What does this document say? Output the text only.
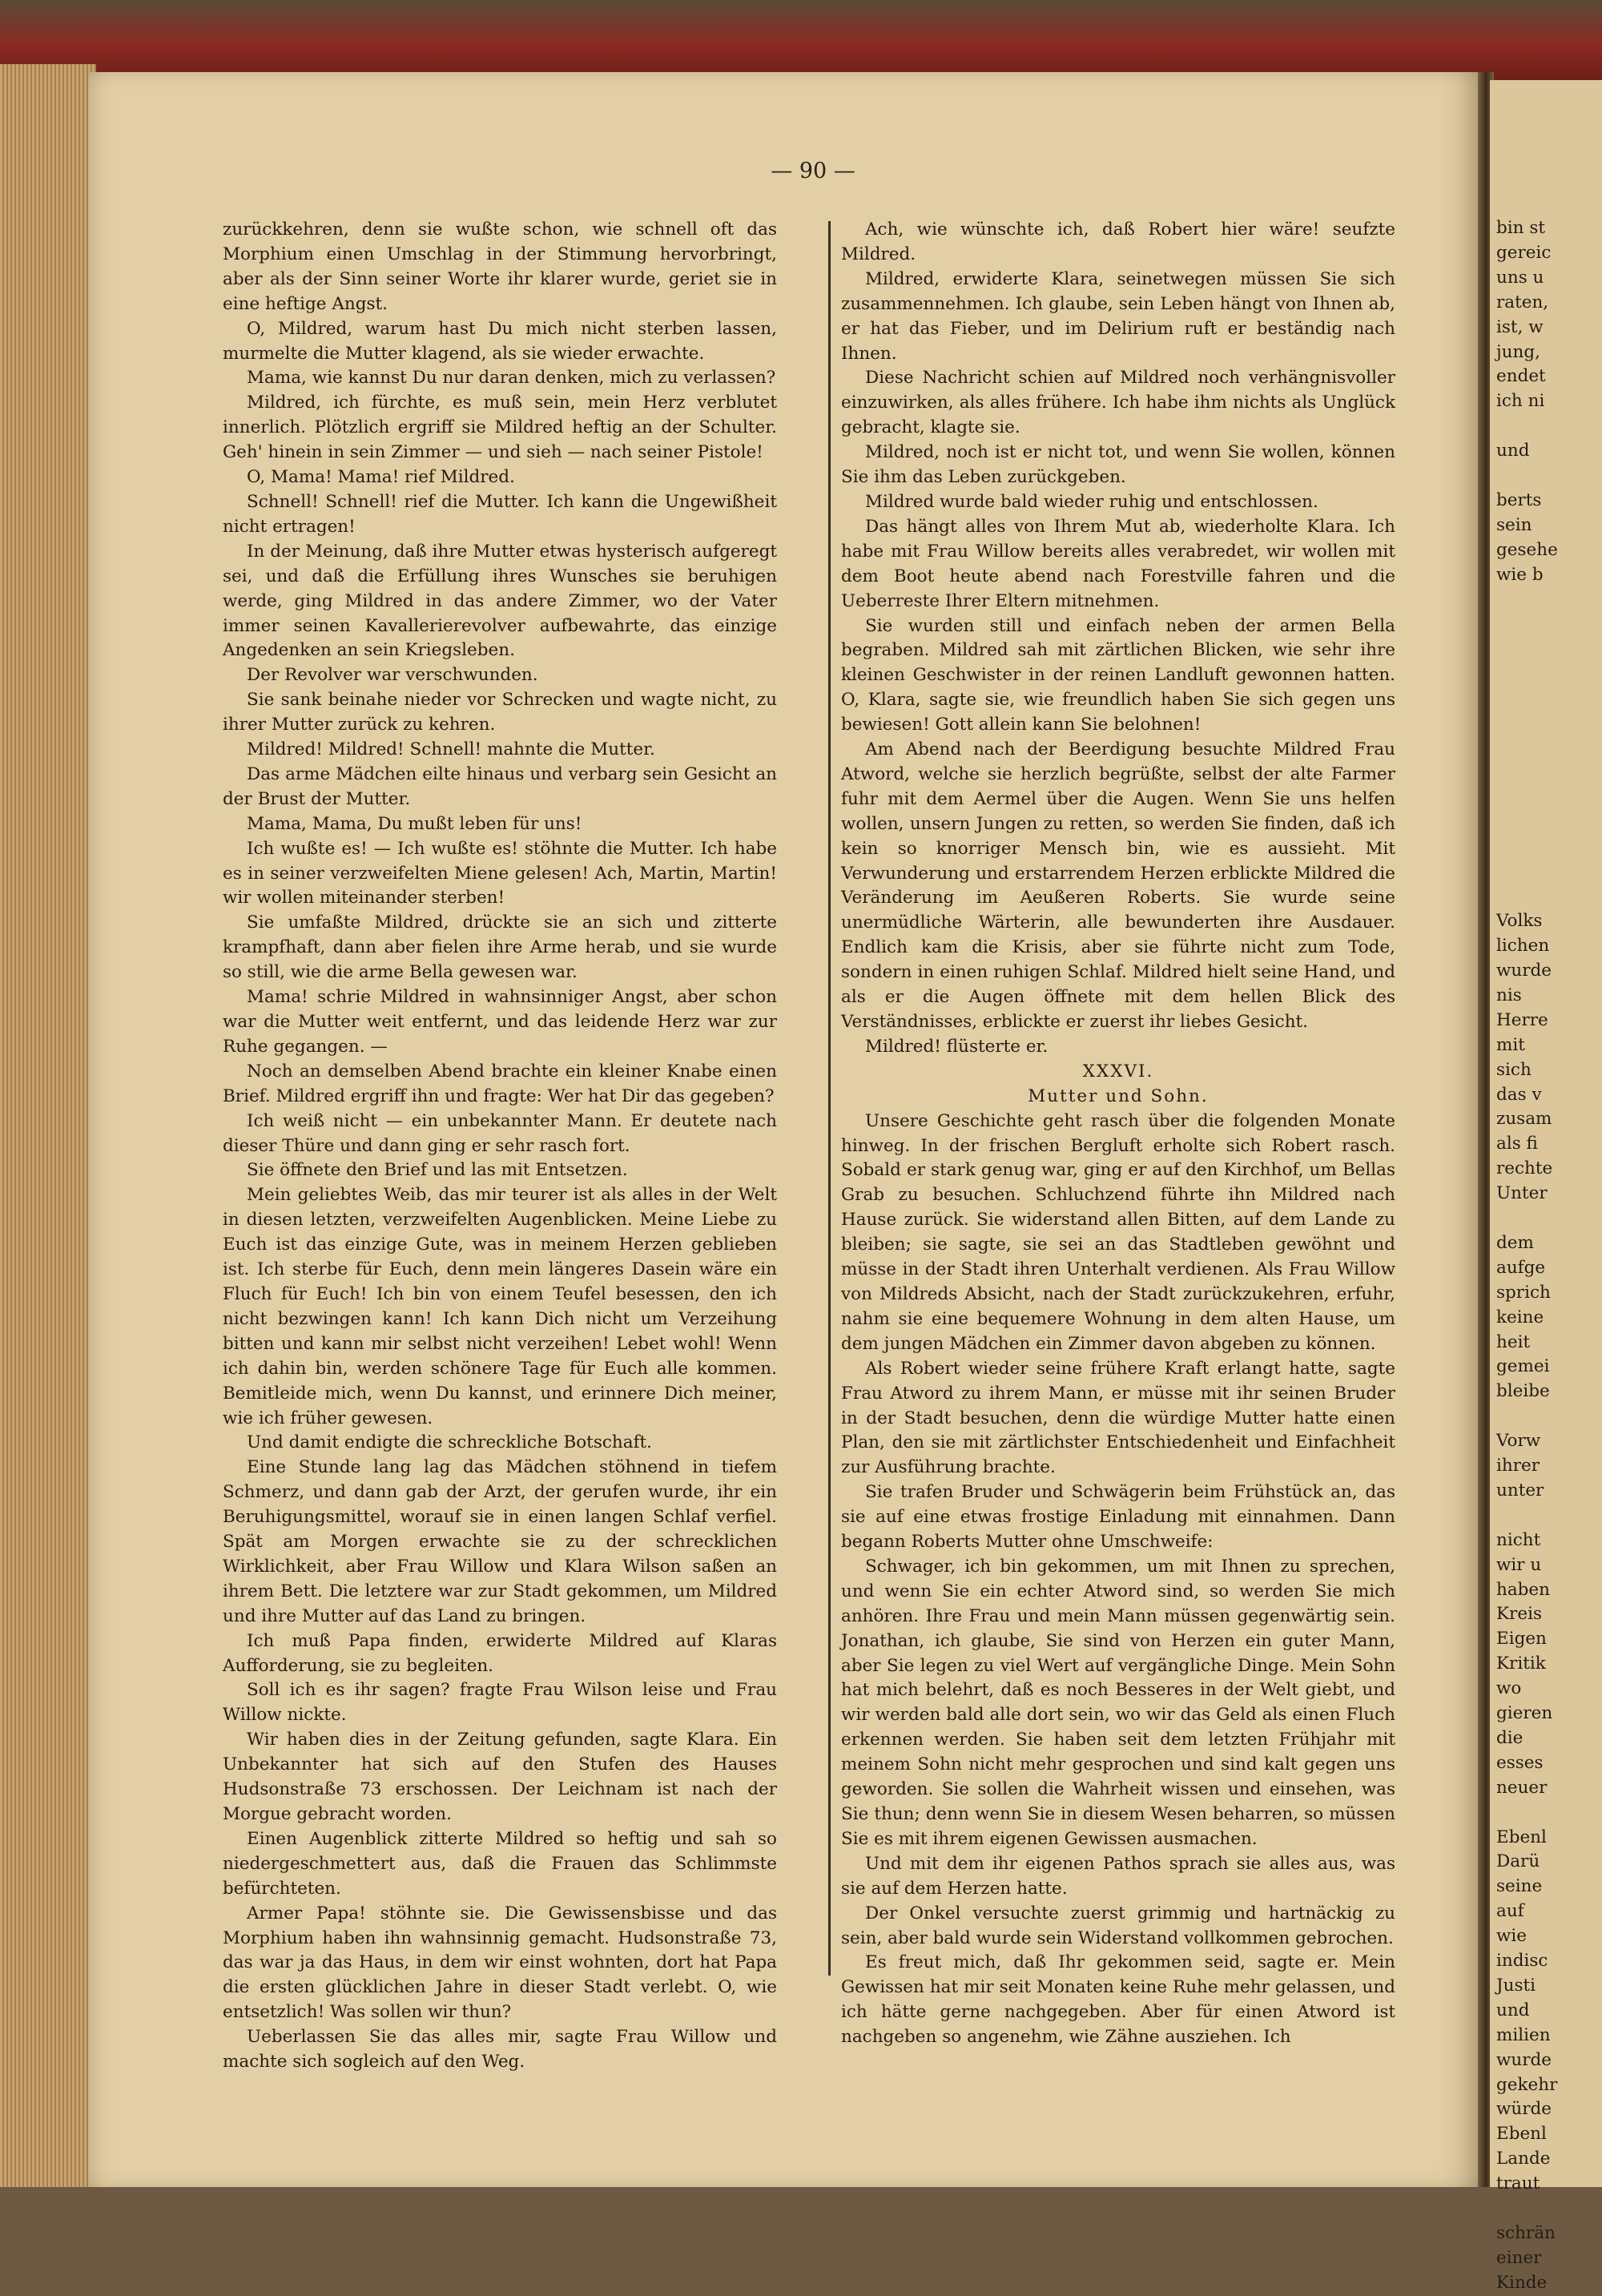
bin st
gereic
uns u
raten,
ist, w
jung,
endet
ich ni
und
berts
sein
gesehe
wie b
Volks
lichen
wurde
nis
Herre
mit
sich
das v
zusam
als fi
rechte
Unter
dem
aufge
sprich
keine
heit
gemei
bleibe
Vorw
ihrer
unter
nicht
wir u
haben
Kreis
Eigen
Kritik
wo
gieren
die
esses
neuer
Ebenl
Darü
seine
auf
wie
indisc
Justi
und
milien
wurde
gekehr
würde
Ebenl
Lande
traut
schrän
einer
Kinde
— 90 —

zurückkehren, denn sie wußte schon, wie schnell oft das Morphium einen Umschlag in der Stimmung hervorbringt, aber als der Sinn seiner Worte ihr klarer wurde, geriet sie in eine heftige Angst.

O, Mildred, warum hast Du mich nicht sterben lassen, murmelte die Mutter klagend, als sie wieder erwachte.

Mama, wie kannst Du nur daran denken, mich zu verlassen?

Mildred, ich fürchte, es muß sein, mein Herz verblutet innerlich. Plötzlich ergriff sie Mildred heftig an der Schulter. Geh' hinein in sein Zimmer — und sieh — nach seiner Pistole!

O, Mama! Mama! rief Mildred.

Schnell! Schnell! rief die Mutter. Ich kann die Ungewißheit nicht ertragen!

In der Meinung, daß ihre Mutter etwas hysterisch aufgeregt sei, und daß die Erfüllung ihres Wunsches sie beruhigen werde, ging Mildred in das andere Zimmer, wo der Vater immer seinen Kavallerierevolver aufbewahrte, das einzige Angedenken an sein Kriegsleben.

Der Revolver war verschwunden.

Sie sank beinahe nieder vor Schrecken und wagte nicht, zu ihrer Mutter zurück zu kehren.

Mildred! Mildred! Schnell! mahnte die Mutter.

Das arme Mädchen eilte hinaus und verbarg sein Gesicht an der Brust der Mutter.

Mama, Mama, Du mußt leben für uns!

Ich wußte es! — Ich wußte es! stöhnte die Mutter. Ich habe es in seiner verzweifelten Miene gelesen! Ach, Martin, Martin! wir wollen miteinander sterben!

Sie umfaßte Mildred, drückte sie an sich und zitterte krampfhaft, dann aber fielen ihre Arme herab, und sie wurde so still, wie die arme Bella gewesen war.

Mama! schrie Mildred in wahnsinniger Angst, aber schon war die Mutter weit entfernt, und das leidende Herz war zur Ruhe gegangen. —

Noch an demselben Abend brachte ein kleiner Knabe einen Brief. Mildred ergriff ihn und fragte: Wer hat Dir das gegeben?

Ich weiß nicht — ein unbekannter Mann. Er deutete nach dieser Thüre und dann ging er sehr rasch fort.

Sie öffnete den Brief und las mit Entsetzen.

Mein geliebtes Weib, das mir teurer ist als alles in der Welt in diesen letzten, verzweifelten Augenblicken. Meine Liebe zu Euch ist das einzige Gute, was in meinem Herzen geblieben ist. Ich sterbe für Euch, denn mein längeres Dasein wäre ein Fluch für Euch! Ich bin von einem Teufel besessen, den ich nicht bezwingen kann! Ich kann Dich nicht um Verzeihung bitten und kann mir selbst nicht verzeihen! Lebet wohl! Wenn ich dahin bin, werden schönere Tage für Euch alle kommen. Bemitleide mich, wenn Du kannst, und erinnere Dich meiner, wie ich früher gewesen.

Und damit endigte die schreckliche Botschaft.

Eine Stunde lang lag das Mädchen stöhnend in tiefem Schmerz, und dann gab der Arzt, der gerufen wurde, ihr ein Beruhigungsmittel, worauf sie in einen langen Schlaf verfiel. Spät am Morgen erwachte sie zu der schrecklichen Wirklichkeit, aber Frau Willow und Klara Wilson saßen an ihrem Bett. Die letztere war zur Stadt gekommen, um Mildred und ihre Mutter auf das Land zu bringen.

Ich muß Papa finden, erwiderte Mildred auf Klaras Aufforderung, sie zu begleiten.

Soll ich es ihr sagen? fragte Frau Wilson leise und Frau Willow nickte.

Wir haben dies in der Zeitung gefunden, sagte Klara. Ein Unbekannter hat sich auf den Stufen des Hauses Hudsonstraße 73 erschossen. Der Leichnam ist nach der Morgue gebracht worden.

Einen Augenblick zitterte Mildred so heftig und sah so niedergeschmettert aus, daß die Frauen das Schlimmste befürchteten.

Armer Papa! stöhnte sie. Die Gewissensbisse und das Morphium haben ihn wahnsinnig gemacht. Hudsonstraße 73, das war ja das Haus, in dem wir einst wohnten, dort hat Papa die ersten glücklichen Jahre in dieser Stadt verlebt. O, wie entsetzlich! Was sollen wir thun?

Ueberlassen Sie das alles mir, sagte Frau Willow und machte sich sogleich auf den Weg.

Ach, wie wünschte ich, daß Robert hier wäre! seufzte Mildred.

Mildred, erwiderte Klara, seinetwegen müssen Sie sich zusammennehmen. Ich glaube, sein Leben hängt von Ihnen ab, er hat das Fieber, und im Delirium ruft er beständig nach Ihnen.

Diese Nachricht schien auf Mildred noch verhängnisvoller einzuwirken, als alles frühere. Ich habe ihm nichts als Unglück gebracht, klagte sie.

Mildred, noch ist er nicht tot, und wenn Sie wollen, können Sie ihm das Leben zurückgeben.

Mildred wurde bald wieder ruhig und entschlossen.

Das hängt alles von Ihrem Mut ab, wiederholte Klara. Ich habe mit Frau Willow bereits alles verabredet, wir wollen mit dem Boot heute abend nach Forestville fahren und die Ueberreste Ihrer Eltern mitnehmen.

Sie wurden still und einfach neben der armen Bella begraben. Mildred sah mit zärtlichen Blicken, wie sehr ihre kleinen Geschwister in der reinen Landluft gewonnen hatten. O, Klara, sagte sie, wie freundlich haben Sie sich gegen uns bewiesen! Gott allein kann Sie belohnen!

Am Abend nach der Beerdigung besuchte Mildred Frau Atword, welche sie herzlich begrüßte, selbst der alte Farmer fuhr mit dem Aermel über die Augen. Wenn Sie uns helfen wollen, unsern Jungen zu retten, so werden Sie finden, daß ich kein so knorriger Mensch bin, wie es aussieht. Mit Verwunderung und erstarrendem Herzen erblickte Mildred die Veränderung im Aeußeren Roberts. Sie wurde seine unermüdliche Wärterin, alle bewunderten ihre Ausdauer. Endlich kam die Krisis, aber sie führte nicht zum Tode, sondern in einen ruhigen Schlaf. Mildred hielt seine Hand, und als er die Augen öffnete mit dem hellen Blick des Verständnisses, erblickte er zuerst ihr liebes Gesicht.

Mildred! flüsterte er.

XXXVI.

Mutter und Sohn.

Unsere Geschichte geht rasch über die folgenden Monate hinweg. In der frischen Bergluft erholte sich Robert rasch. Sobald er stark genug war, ging er auf den Kirchhof, um Bellas Grab zu besuchen. Schluchzend führte ihn Mildred nach Hause zurück. Sie widerstand allen Bitten, auf dem Lande zu bleiben; sie sagte, sie sei an das Stadtleben gewöhnt und müsse in der Stadt ihren Unterhalt verdienen. Als Frau Willow von Mildreds Absicht, nach der Stadt zurückzukehren, erfuhr, nahm sie eine bequemere Wohnung in dem alten Hause, um dem jungen Mädchen ein Zimmer davon abgeben zu können.

Als Robert wieder seine frühere Kraft erlangt hatte, sagte Frau Atword zu ihrem Mann, er müsse mit ihr seinen Bruder in der Stadt besuchen, denn die würdige Mutter hatte einen Plan, den sie mit zärtlichster Entschiedenheit und Einfachheit zur Ausführung brachte.

Sie trafen Bruder und Schwägerin beim Frühstück an, das sie auf eine etwas frostige Einladung mit einnahmen. Dann begann Roberts Mutter ohne Umschweife:

Schwager, ich bin gekommen, um mit Ihnen zu sprechen, und wenn Sie ein echter Atword sind, so werden Sie mich anhören. Ihre Frau und mein Mann müssen gegenwärtig sein. Jonathan, ich glaube, Sie sind von Herzen ein guter Mann, aber Sie legen zu viel Wert auf vergängliche Dinge. Mein Sohn hat mich belehrt, daß es noch Besseres in der Welt giebt, und wir werden bald alle dort sein, wo wir das Geld als einen Fluch erkennen werden. Sie haben seit dem letzten Frühjahr mit meinem Sohn nicht mehr gesprochen und sind kalt gegen uns geworden. Sie sollen die Wahrheit wissen und einsehen, was Sie thun; denn wenn Sie in diesem Wesen beharren, so müssen Sie es mit ihrem eigenen Gewissen ausmachen.

Und mit dem ihr eigenen Pathos sprach sie alles aus, was sie auf dem Herzen hatte.

Der Onkel versuchte zuerst grimmig und hartnäckig zu sein, aber bald wurde sein Widerstand vollkommen gebrochen.

Es freut mich, daß Ihr gekommen seid, sagte er. Mein Gewissen hat mir seit Monaten keine Ruhe mehr gelassen, und ich hätte gerne nachgegeben. Aber für einen Atword ist nachgeben so angenehm, wie Zähne ausziehen. Ich
